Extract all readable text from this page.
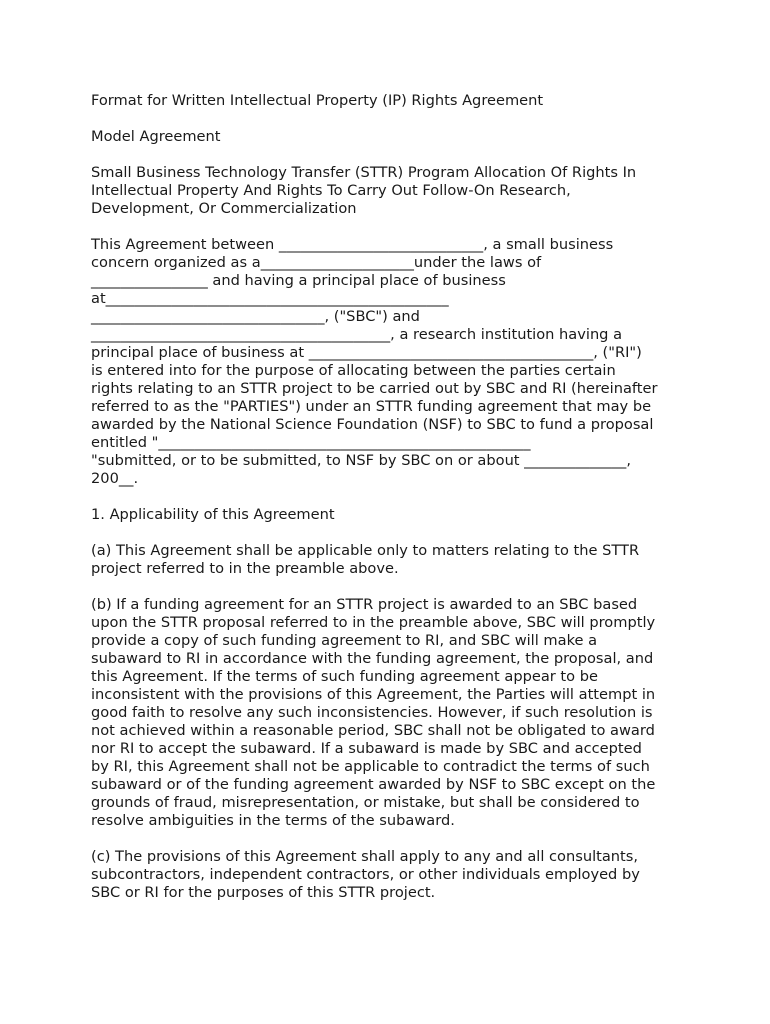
Format for Written Intellectual Property (IP) Rights Agreement
Model Agreement
Small Business Technology Transfer (STTR) Program Allocation Of Rights In
Intellectual Property And Rights To Carry Out Follow-On Research,
Development, Or Commercialization
This Agreement between ____________________________, a small business
concern organized as a_____________________under the laws of
________________ and having a principal place of business
at_______________________________________________
________________________________, ("SBC") and
_________________________________________, a research institution having a
principal place of business at _______________________________________, ("RI")
is entered into for the purpose of allocating between the parties certain
rights relating to an STTR project to be carried out by SBC and RI (hereinafter
referred to as the "PARTIES") under an STTR funding agreement that may be
awarded by the National Science Foundation (NSF) to SBC to fund a proposal
entitled "___________________________________________________
"submitted, or to be submitted, to NSF by SBC on or about ______________,
200__.
1. Applicability of this Agreement
(a) This Agreement shall be applicable only to matters relating to the STTR
project referred to in the preamble above.
(b) If a funding agreement for an STTR project is awarded to an SBC based
upon the STTR proposal referred to in the preamble above, SBC will promptly
provide a copy of such funding agreement to RI, and SBC will make a
subaward to RI in accordance with the funding agreement, the proposal, and
this Agreement. If the terms of such funding agreement appear to be
inconsistent with the provisions of this Agreement, the Parties will attempt in
good faith to resolve any such inconsistencies. However, if such resolution is
not achieved within a reasonable period, SBC shall not be obligated to award
nor RI to accept the subaward. If a subaward is made by SBC and accepted
by RI, this Agreement shall not be applicable to contradict the terms of such
subaward or of the funding agreement awarded by NSF to SBC except on the
grounds of fraud, misrepresentation, or mistake, but shall be considered to
resolve ambiguities in the terms of the subaward.
(c) The provisions of this Agreement shall apply to any and all consultants,
subcontractors, independent contractors, or other individuals employed by
SBC or RI for the purposes of this STTR project.
